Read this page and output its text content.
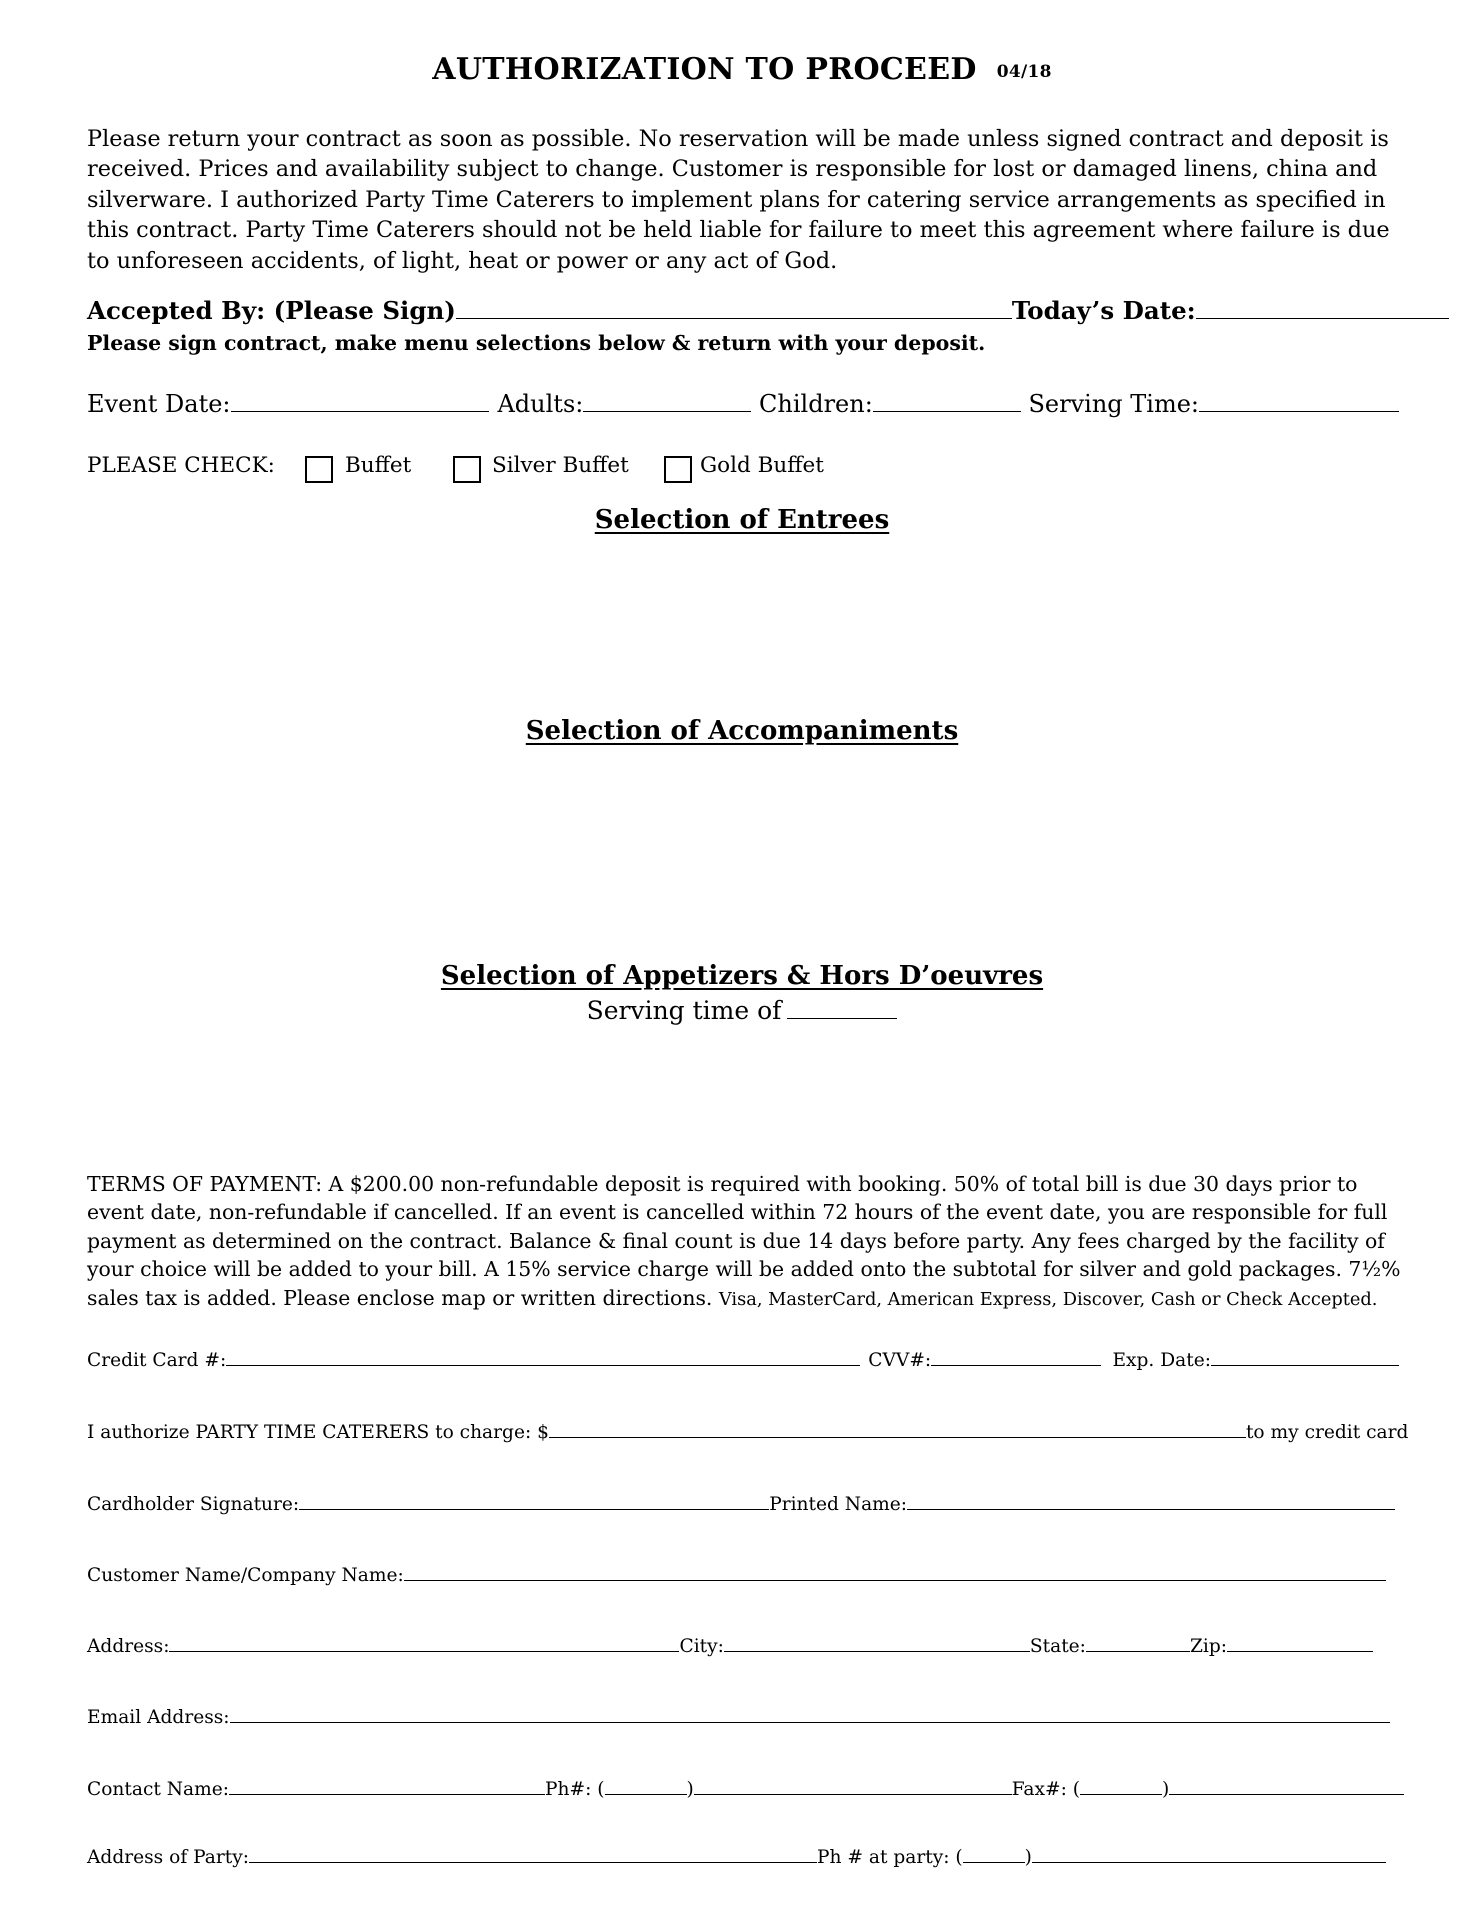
AUTHORIZATION TO PROCEED 04/18
Please return your contract as soon as possible. No reservation will be made unless signed contract and deposit is received. Prices and availability subject to change. Customer is responsible for lost or damaged linens, china and silverware. I authorized Party Time Caterers to implement plans for catering service arrangements as specified in this contract. Party Time Caterers should not be held liable for failure to meet this agreement where failure is due to unforeseen accidents, of light, heat or power or any act of God.
Accepted By: (Please Sign)	Today’s Date:
Please sign contract, make menu selections below & return with your deposit.
Event Date:	Adults:	Children:	Serving Time:
PLEASE CHECK:	Buffet	Silver Buffet	Gold Buffet
Selection of Entrees
Selection of Accompaniments
Selection of Appetizers & Hors D’oeuvres
Serving time of
TERMS OF PAYMENT: A $200.00 non-refundable deposit is required with booking. 50% of total bill is due 30 days prior to event date, non-refundable if cancelled. If an event is cancelled within 72 hours of the event date, you are responsible for full payment as determined on the contract. Balance & final count is due 14 days before party. Any fees charged by the facility of your choice will be added to your bill. A 15% service charge will be added onto the subtotal for silver and gold packages. 7½% sales tax is added. Please enclose map or written directions. Visa, MasterCard, American Express, Discover, Cash or Check Accepted.
Credit Card #:	CVV#:	Exp. Date:
I authorize PARTY TIME CATERERS to charge: $	to my credit card
Cardholder Signature:	Printed Name:
Customer Name/Company Name:
Address:	City:	State:	Zip:
Email Address:
Contact Name:	Ph#: (	)	Fax#: (	)
Address of Party:	Ph # at party: (	)
